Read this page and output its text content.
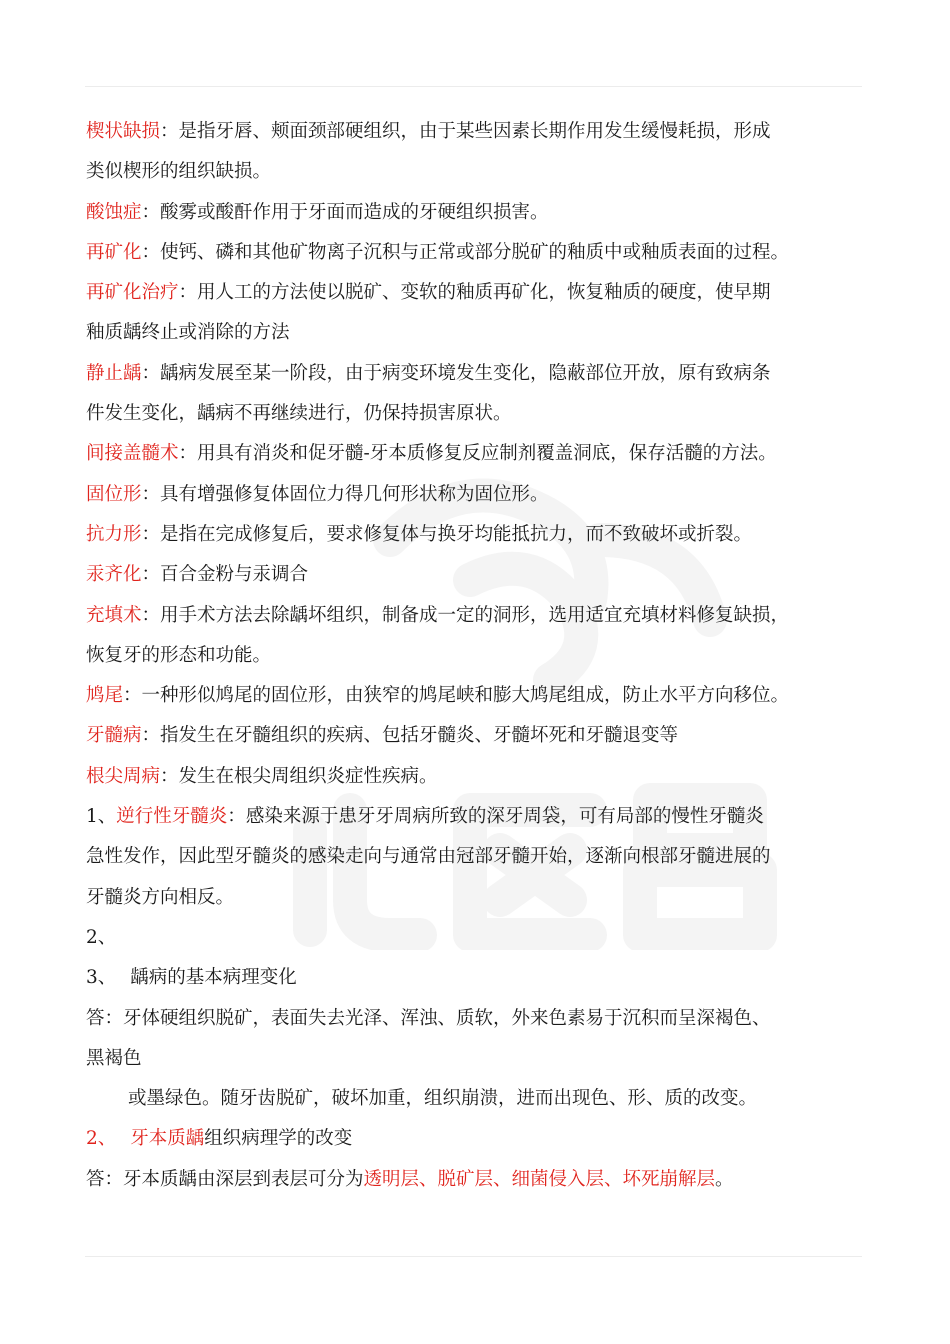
楔状缺损：是指牙唇、颊面颈部硬组织，由于某些因素长期作用发生缓慢耗损，形成
类似楔形的组织缺损。
酸蚀症：酸雾或酸酐作用于牙面而造成的牙硬组织损害。
再矿化：使钙、磷和其他矿物离子沉积与正常或部分脱矿的釉质中或釉质表面的过程。
再矿化治疗：用人工的方法使以脱矿、变软的釉质再矿化，恢复釉质的硬度，使早期
釉质龋终止或消除的方法
静止龋：龋病发展至某一阶段，由于病变环境发生变化，隐蔽部位开放，原有致病条
件发生变化，龋病不再继续进行，仍保持损害原状。
间接盖髓术：用具有消炎和促牙髓-牙本质修复反应制剂覆盖洞底，保存活髓的方法。
固位形：具有增强修复体固位力得几何形状称为固位形。
抗力形：是指在完成修复后，要求修复体与换牙均能抵抗力，而不致破坏或折裂。
汞齐化：百合金粉与汞调合
充填术：用手术方法去除龋坏组织，制备成一定的洞形，选用适宜充填材料修复缺损，
恢复牙的形态和功能。
鸠尾：一种形似鸠尾的固位形，由狭窄的鸠尾峡和膨大鸠尾组成，防止水平方向移位。
牙髓病：指发生在牙髓组织的疾病、包括牙髓炎、牙髓坏死和牙髓退变等
根尖周病：发生在根尖周组织炎症性疾病。
1、逆行性牙髓炎：感染来源于患牙牙周病所致的深牙周袋，可有局部的慢性牙髓炎
急性发作，因此型牙髓炎的感染走向与通常由冠部牙髓开始，逐渐向根部牙髓进展的
牙髓炎方向相反。
2、
3、 龋病的基本病理变化
答：牙体硬组织脱矿，表面失去光泽、浑浊、质软，外来色素易于沉积而呈深褐色、
黑褐色
或墨绿色。随牙齿脱矿，破坏加重，组织崩溃，进而出现色、形、质的改变。
2、 牙本质龋组织病理学的改变
答：牙本质龋由深层到表层可分为透明层、脱矿层、细菌侵入层、坏死崩解层。
